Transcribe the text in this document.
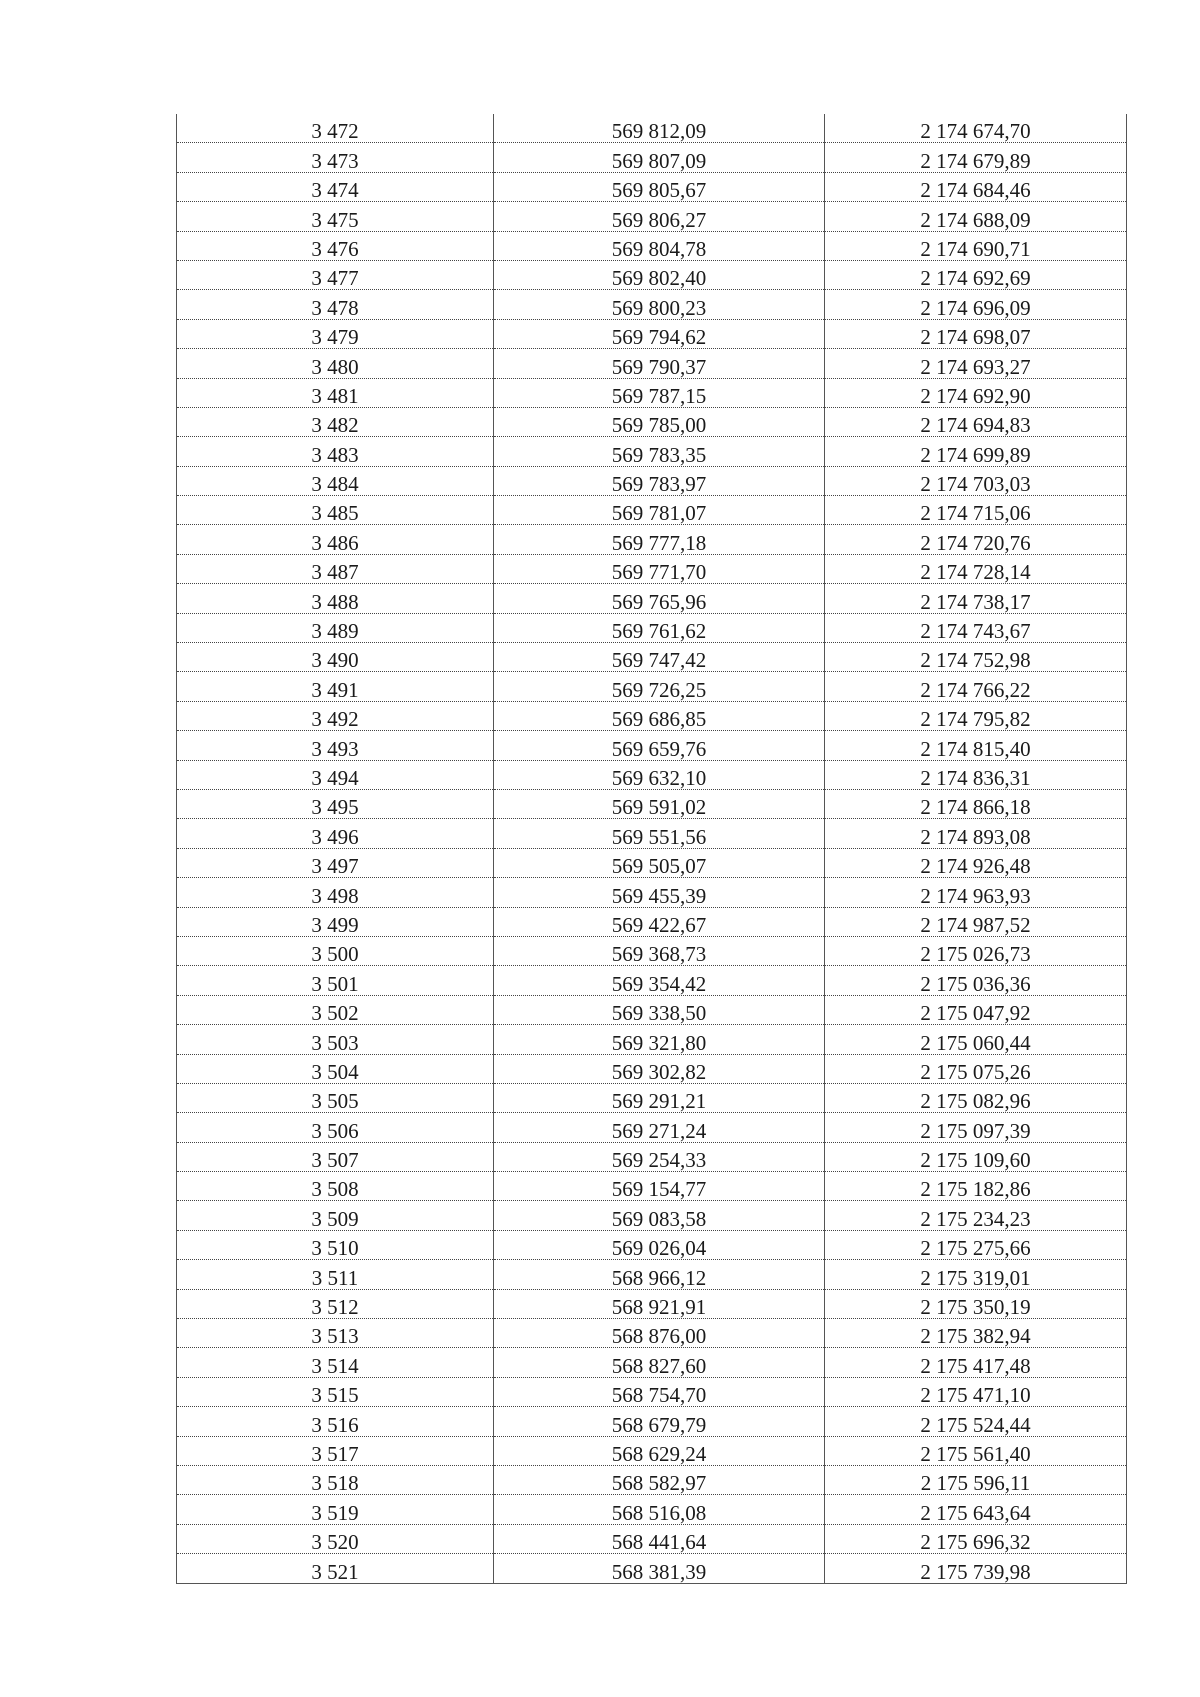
3 472	569 812,09	2 174 674,70
3 473	569 807,09	2 174 679,89
3 474	569 805,67	2 174 684,46
3 475	569 806,27	2 174 688,09
3 476	569 804,78	2 174 690,71
3 477	569 802,40	2 174 692,69
3 478	569 800,23	2 174 696,09
3 479	569 794,62	2 174 698,07
3 480	569 790,37	2 174 693,27
3 481	569 787,15	2 174 692,90
3 482	569 785,00	2 174 694,83
3 483	569 783,35	2 174 699,89
3 484	569 783,97	2 174 703,03
3 485	569 781,07	2 174 715,06
3 486	569 777,18	2 174 720,76
3 487	569 771,70	2 174 728,14
3 488	569 765,96	2 174 738,17
3 489	569 761,62	2 174 743,67
3 490	569 747,42	2 174 752,98
3 491	569 726,25	2 174 766,22
3 492	569 686,85	2 174 795,82
3 493	569 659,76	2 174 815,40
3 494	569 632,10	2 174 836,31
3 495	569 591,02	2 174 866,18
3 496	569 551,56	2 174 893,08
3 497	569 505,07	2 174 926,48
3 498	569 455,39	2 174 963,93
3 499	569 422,67	2 174 987,52
3 500	569 368,73	2 175 026,73
3 501	569 354,42	2 175 036,36
3 502	569 338,50	2 175 047,92
3 503	569 321,80	2 175 060,44
3 504	569 302,82	2 175 075,26
3 505	569 291,21	2 175 082,96
3 506	569 271,24	2 175 097,39
3 507	569 254,33	2 175 109,60
3 508	569 154,77	2 175 182,86
3 509	569 083,58	2 175 234,23
3 510	569 026,04	2 175 275,66
3 511	568 966,12	2 175 319,01
3 512	568 921,91	2 175 350,19
3 513	568 876,00	2 175 382,94
3 514	568 827,60	2 175 417,48
3 515	568 754,70	2 175 471,10
3 516	568 679,79	2 175 524,44
3 517	568 629,24	2 175 561,40
3 518	568 582,97	2 175 596,11
3 519	568 516,08	2 175 643,64
3 520	568 441,64	2 175 696,32
3 521	568 381,39	2 175 739,98
